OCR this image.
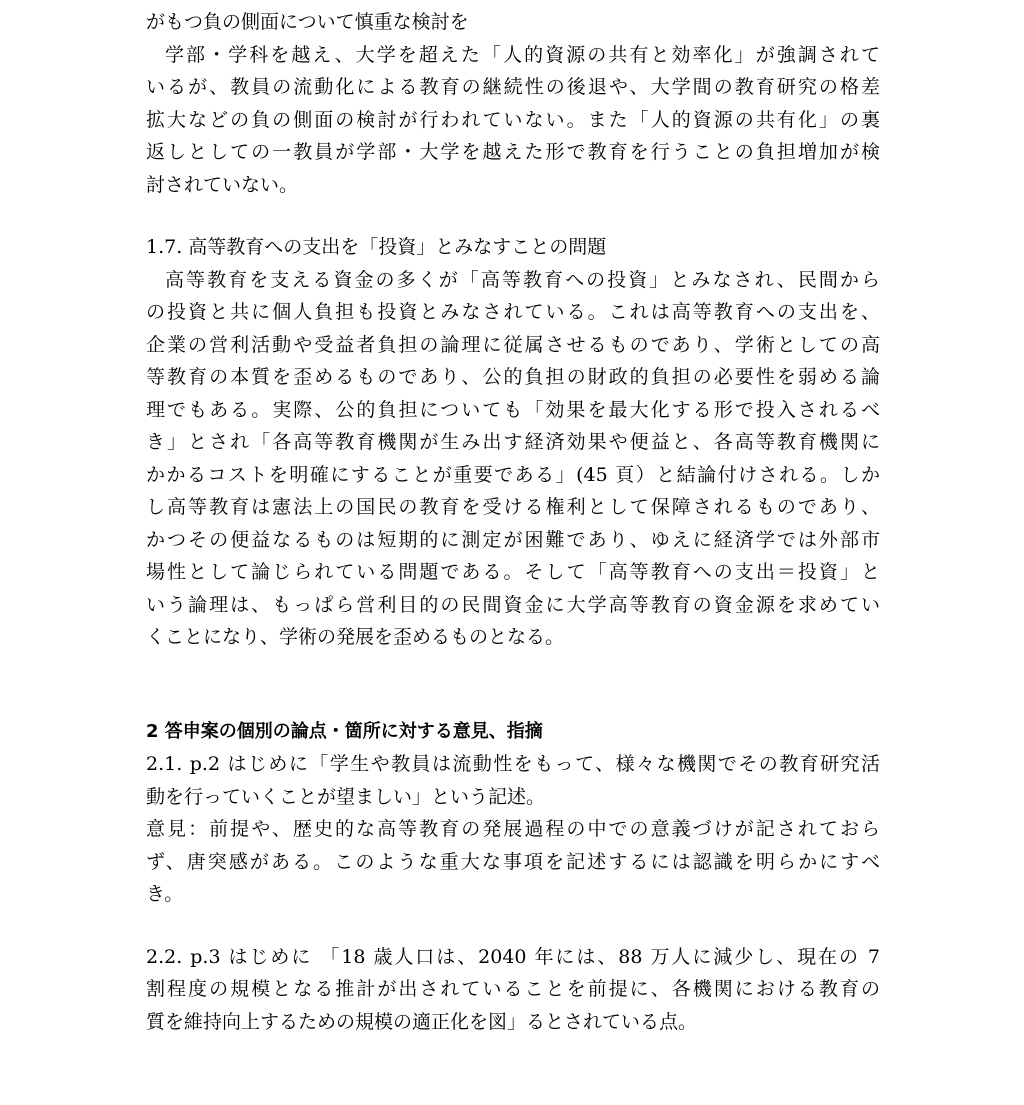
がもつ負の側面について慎重な検討を
学部・学科を越え、大学を超えた「人的資源の共有と効率化」が強調されて
いるが、教員の流動化による教育の継続性の後退や、大学間の教育研究の格差
拡大などの負の側面の検討が行われていない。また「人的資源の共有化」の裏
返しとしての一教員が学部・大学を越えた形で教育を行うことの負担増加が検
討されていない。
1.7. 高等教育への支出を「投資」とみなすことの問題
高等教育を支える資金の多くが「高等教育への投資」とみなされ、民間から
の投資と共に個人負担も投資とみなされている。これは高等教育への支出を、
企業の営利活動や受益者負担の論理に従属させるものであり、学術としての高
等教育の本質を歪めるものであり、公的負担の財政的負担の必要性を弱める論
理でもある。実際、公的負担についても「効果を最大化する形で投入されるべ
き」とされ「各高等教育機関が生み出す経済効果や便益と、各高等教育機関に
かかるコストを明確にすることが重要である」(45 頁）と結論付けされる。しか
し高等教育は憲法上の国民の教育を受ける権利として保障されるものであり、
かつその便益なるものは短期的に測定が困難であり、ゆえに経済学では外部市
場性として論じられている問題である。そして「高等教育への支出＝投資」と
いう論理は、もっぱら営利目的の民間資金に大学高等教育の資金源を求めてい
くことになり、学術の発展を歪めるものとなる。
2 答申案の個別の論点・箇所に対する意見、指摘
2.1. p.2 はじめに「学生や教員は流動性をもって、様々な機関でその教育研究活
動を行っていくことが望ましい」という記述。
意見：前提や、歴史的な高等教育の発展過程の中での意義づけが記されておら
ず、唐突感がある。このような重大な事項を記述するには認識を明らかにすべ
き。
2.2. p.3 はじめに 「18 歳人口は、2040 年には、88 万人に減少し、現在の 7
割程度の規模となる推計が出されていることを前提に、各機関における教育の
質を維持向上するための規模の適正化を図」るとされている点。
